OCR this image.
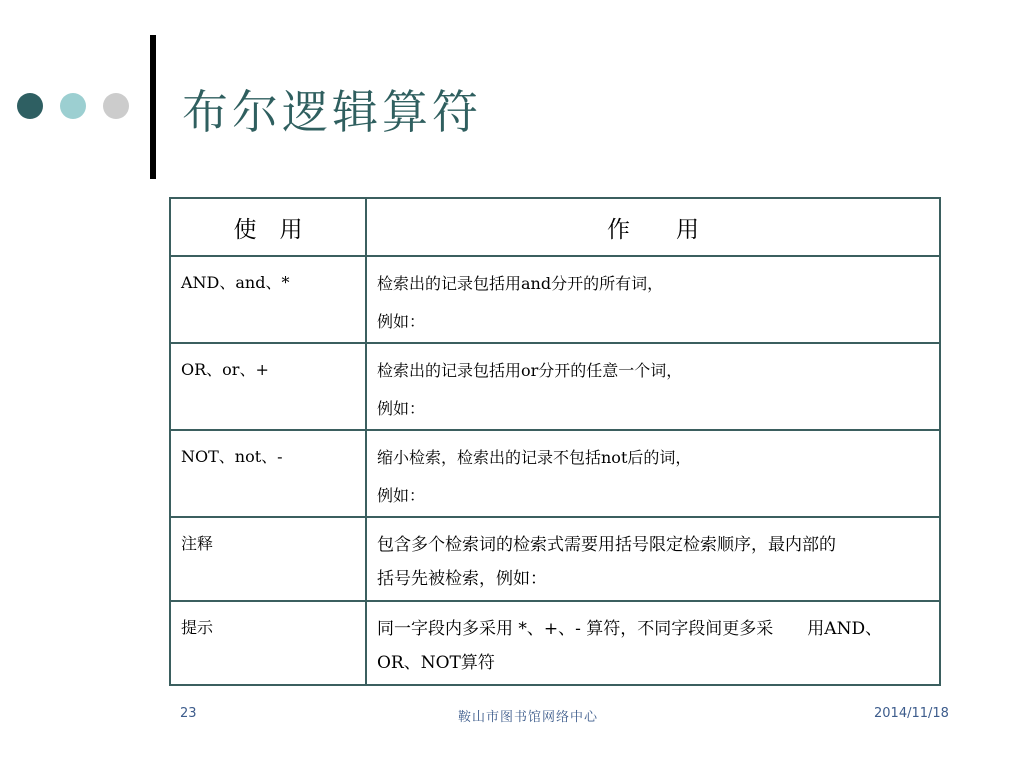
布尔逻辑算符
使　用	作　　用

AND、and、*	检索出的记录包括用and分开的所有词，
例如：

OR、or、+	检索出的记录包括用or分开的任意一个词，
例如：

NOT、not、-	缩小检索，检索出的记录不包括not后的词，
例如：

注释	包含多个检索词的检索式需要用括号限定检索顺序，最内部的
括号先被检索，例如：

提示	同一字段内多采用 *、+、- 算符，不同字段间更多采　　用AND、
OR、NOT算符
23	鞍山市图书馆网络中心	2014/11/18
